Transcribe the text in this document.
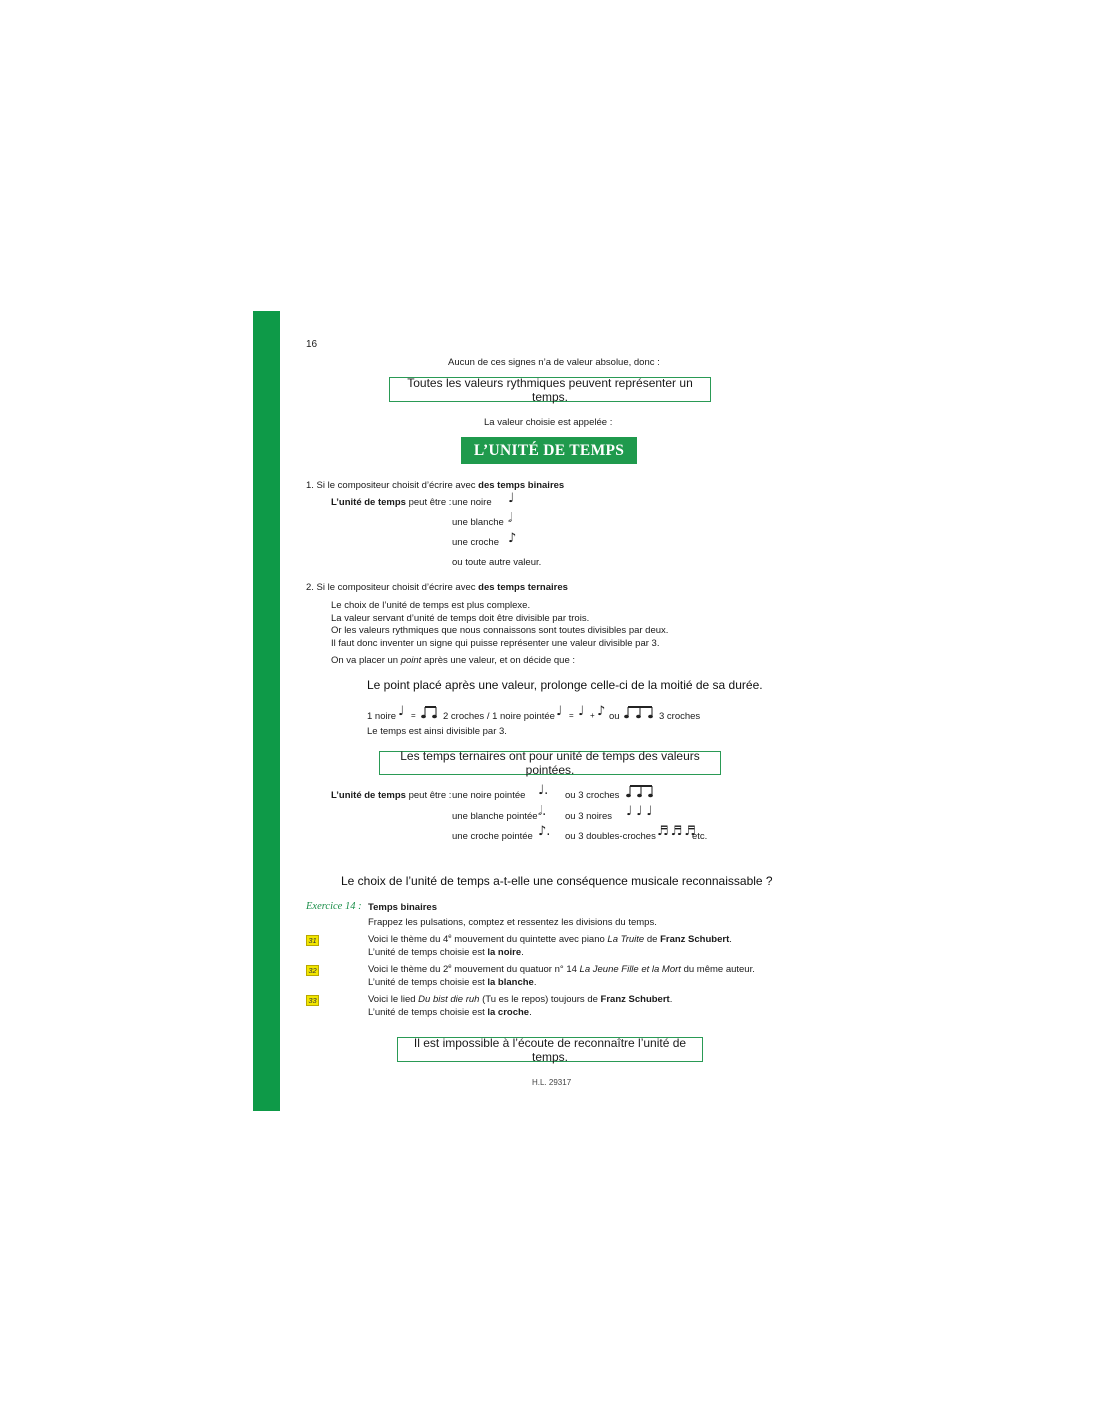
16
Aucun de ces signes n’a de valeur absolue, donc :
Toutes les valeurs rythmiques peuvent représenter un temps.
La valeur choisie est appelée :
L’UNITÉ DE TEMPS
1. Si le compositeur choisit d’écrire avec des temps binaires
L’unité de temps peut être : une noire ♩
une blanche 𝅗𝅥
une croche ♪
ou toute autre valeur.
2. Si le compositeur choisit d’écrire avec des temps ternaires
Le choix de l’unité de temps est plus complexe.
La valeur servant d’unité de temps doit être divisible par trois.
Or les valeurs rythmiques que nous connaissons sont toutes divisibles par deux.
Il faut donc inventer un signe qui puisse représenter une valeur divisible par 3.
On va placer un point après une valeur, et on décide que :
Le point placé après une valeur, prolonge celle-ci de la moitié de sa durée.
1 noire ♩ =	2 croches / 1 noire pointée ♩ = ♩ + ♪ ou	3 croches
Le temps est ainsi divisible par 3.
Les temps ternaires ont pour unité de temps des valeurs pointées.
L’unité de temps peut être : une noire pointée ♩. ou 3 croches
une blanche pointée 𝅗𝅥. ou 3 noires ♩♩♩
une croche pointée ♪. ou 3 doubles-croches ♬♬♬
etc.
Le choix de l’unité de temps a-t-elle une conséquence musicale reconnaissable ?
Exercice 14 : Temps binaires
Frappez les pulsations, comptez et ressentez les divisions du temps.
31	Voici le thème du 4e mouvement du quintette avec piano La Truite de Franz Schubert.
L’unité de temps choisie est la noire.
32	Voici le thème du 2e mouvement du quatuor n° 14 La Jeune Fille et la Mort du même auteur.
L’unité de temps choisie est la blanche.
33	Voici le lied Du bist die ruh (Tu es le repos) toujours de Franz Schubert.
L’unité de temps choisie est la croche.
Il est impossible à l’écoute de reconnaître l’unité de temps.
H.L. 29317
